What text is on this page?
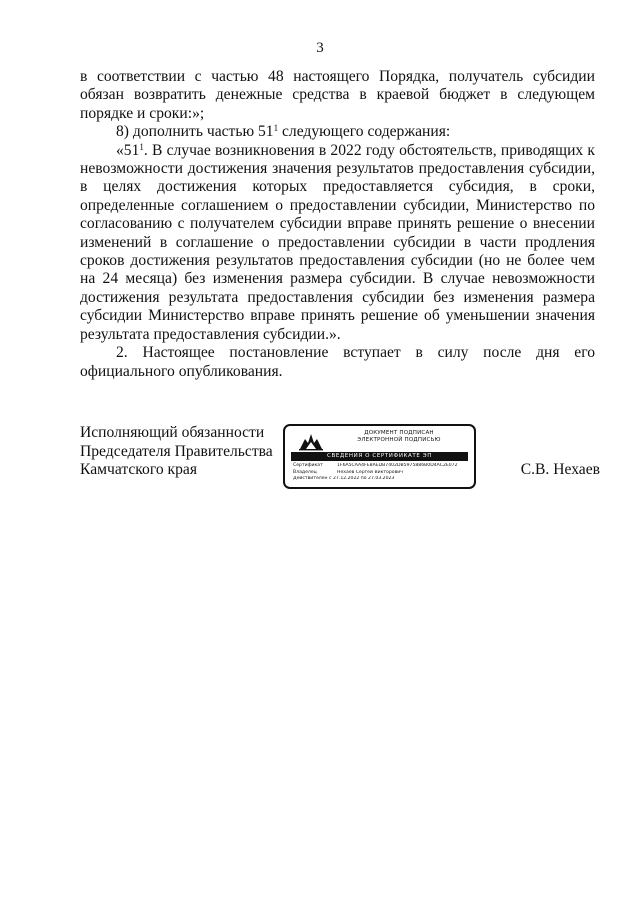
3

в соответствии с частью 48 настоящего Порядка, получатель субсидии обязан возвратить денежные средства в краевой бюджет в следующем порядке и сроки:»;

8) дополнить частью $51^1$ следующего содержания:

«$51^1$. В случае возникновения в 2022 году обстоятельств, приводящих к невозможности достижения значения результатов предоставления субсидии, в целях достижения которых предоставляется субсидия, в сроки, определенные соглашением о предоставлении субсидии, Министерство по согласованию с получателем субсидии вправе принять решение о внесении изменений в соглашение о предоставлении субсидии в части продления сроков достижения результатов предоставления субсидии (но не более чем на 24 месяца) без изменения размера субсидии. В случае невозможности достижения результата предоставления субсидии без изменения размера субсидии Министерство вправе принять решение об уменьшении значения результата предоставления субсидии.».

2. Настоящее постановление вступает в силу после дня его официального опубликования.

Исполняющий обязанности
Председателя Правительства
Камчатского края
ДОКУМЕНТ ПОДПИСАН
ЭЛЕКТРОННОЙ ПОДПИСЬЮ
СВЕДЕНИЯ О СЕРТИФИКАТЕ ЭП
Сертификат	1F6A5CAA4FE8AEDB7402DB5975886B0D4AC2E072
Владелец	Нехаев Сергей Викторович
Действителен с 27.12.2022 по 27.03.2023
С.В. Нехаев
